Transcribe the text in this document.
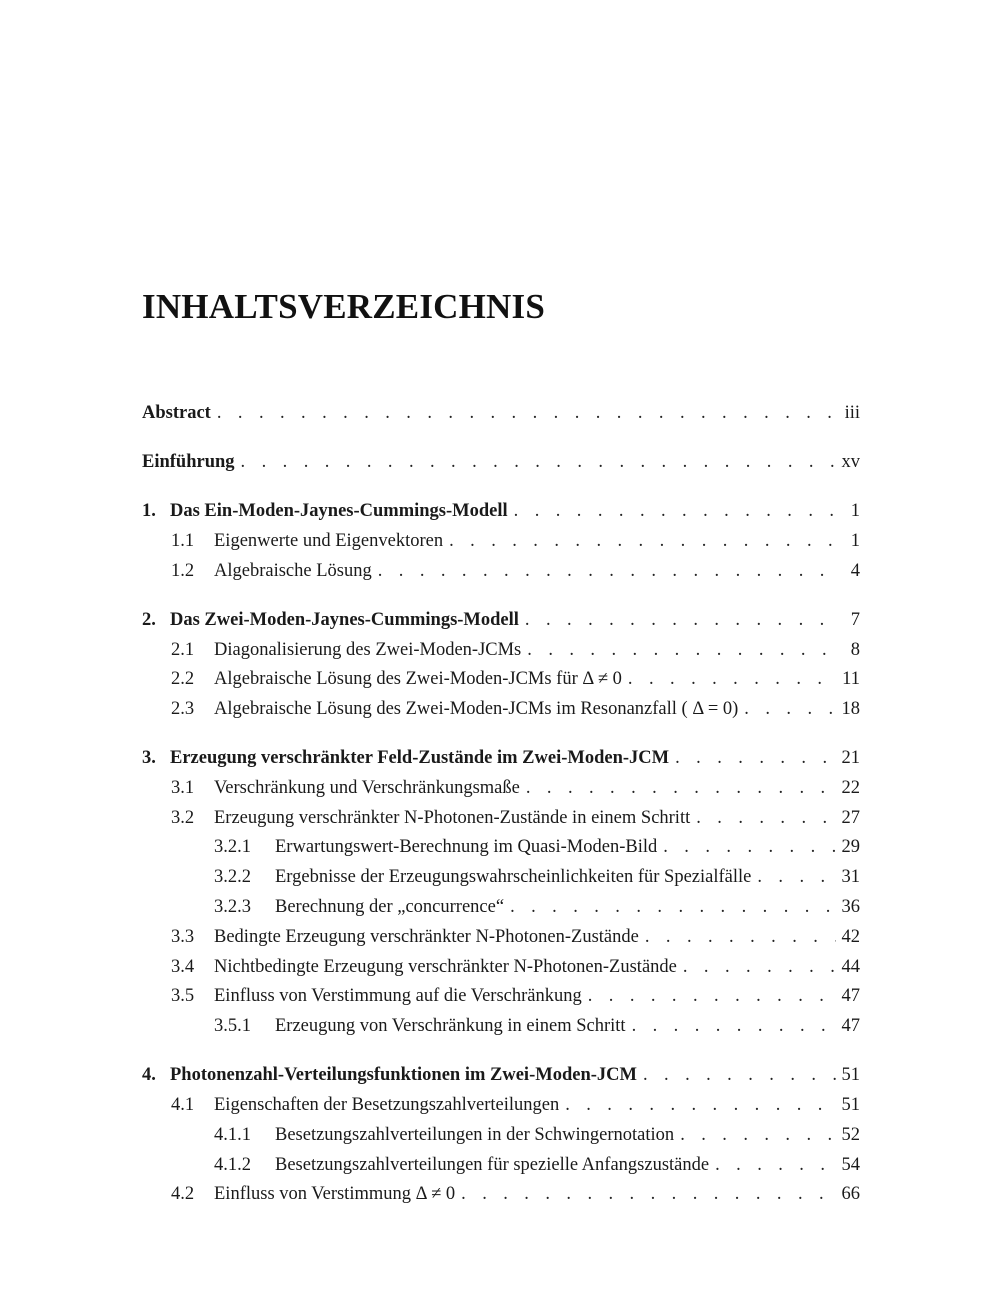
INHALTSVERZEICHNIS
Abstract . . .	iii
Einführung . . .	xv
1. Das Ein-Moden-Jaynes-Cummings-Modell . . .	1
1.1	Eigenwerte und Eigenvektoren . . .	1
1.2	Algebraische Lösung . . .	4
2. Das Zwei-Moden-Jaynes-Cummings-Modell . . .	7
2.1	Diagonalisierung des Zwei-Moden-JCMs . . .	8
2.2	Algebraische Lösung des Zwei-Moden-JCMs für Δ ≠ 0 . . .	11
2.3	Algebraische Lösung des Zwei-Moden-JCMs im Resonanzfall ( Δ = 0) . . .	18
3. Erzeugung verschränkter Feld-Zustände im Zwei-Moden-JCM . . .	21
3.1	Verschränkung und Verschränkungsmaße . . .	22
3.2	Erzeugung verschränkter N-Photonen-Zustände in einem Schritt . . .	27
3.2.1	Erwartungswert-Berechnung im Quasi-Moden-Bild . . .	29
3.2.2	Ergebnisse der Erzeugungswahrscheinlichkeiten für Spezialfälle . . .	31
3.2.3	Berechnung der „concurrence“ . . .	36
3.3	Bedingte Erzeugung verschränkter N-Photonen-Zustände . . .	42
3.4	Nichtbedingte Erzeugung verschränkter N-Photonen-Zustände . . .	44
3.5	Einfluss von Verstimmung auf die Verschränkung . . .	47
3.5.1	Erzeugung von Verschränkung in einem Schritt . . .	47
4. Photonenzahl-Verteilungsfunktionen im Zwei-Moden-JCM . . .	51
4.1	Eigenschaften der Besetzungszahlverteilungen . . .	51
4.1.1	Besetzungszahlverteilungen in der Schwingernotation . . .	52
4.1.2	Besetzungszahlverteilungen für spezielle Anfangszustände . . .	54
4.2	Einfluss von Verstimmung Δ ≠ 0 . . .	66
